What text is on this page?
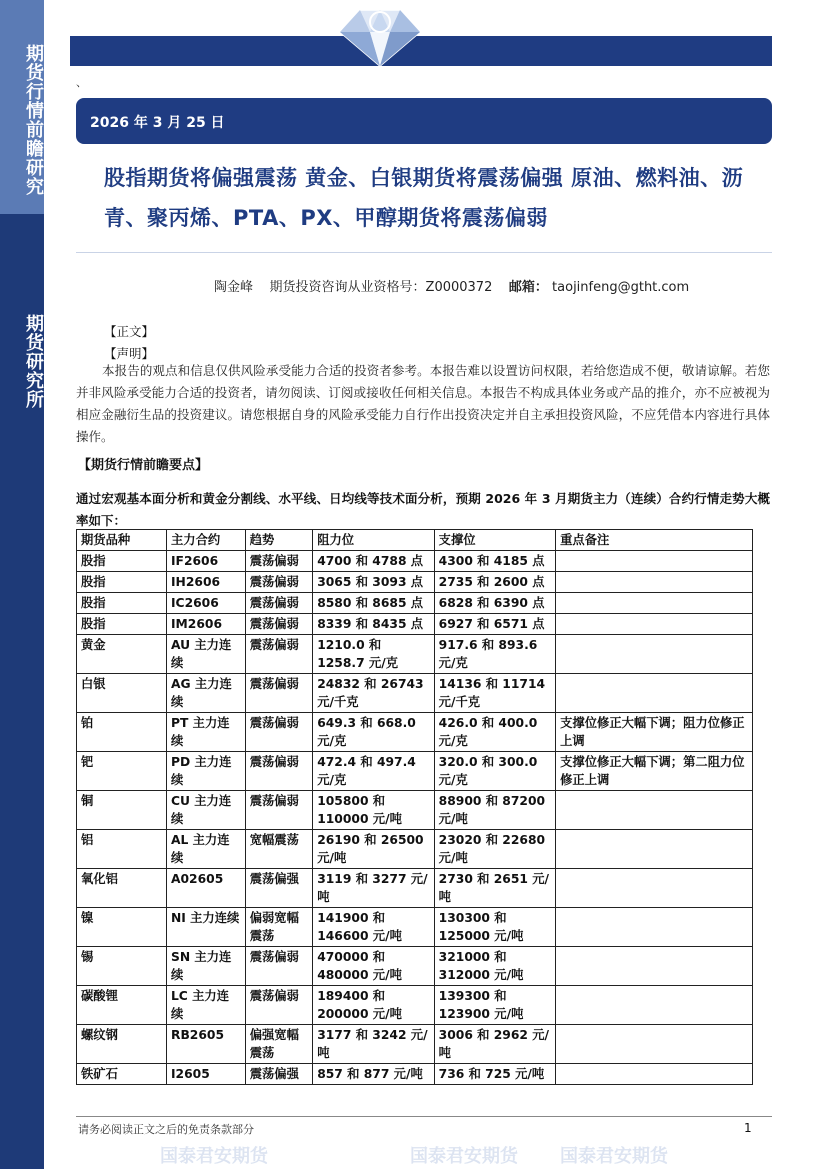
期货行情前瞻研究
期货研究所
、
2026 年 3 月 25 日
股指期货将偏强震荡 黄金、白银期货将震荡偏强 原油、燃料油、沥青、聚丙烯、PTA、PX、甲醇期货将震荡偏弱
陶金峰 期货投资咨询从业资格号：Z0000372 邮箱： taojinfeng@gtht.com
【正文】
【声明】
本报告的观点和信息仅供风险承受能力合适的投资者参考。本报告难以设置访问权限，若给您造成不便，敬请谅解。若您并非风险承受能力合适的投资者，请勿阅读、订阅或接收任何相关信息。本报告不构成具体业务或产品的推介，亦不应被视为相应金融衍生品的投资建议。请您根据自身的风险承受能力自行作出投资决定并自主承担投资风险，不应凭借本内容进行具体操作。
【期货行情前瞻要点】
通过宏观基本面分析和黄金分割线、水平线、日均线等技术面分析，预期 2026 年 3 月期货主力（连续）合约行情走势大概率如下：
期货品种	主力合约	趋势	阻力位	支撑位	重点备注
股指	IF2606	震荡偏弱	4700 和 4788 点	4300 和 4185 点	
股指	IH2606	震荡偏弱	3065 和 3093 点	2735 和 2600 点	
股指	IC2606	震荡偏弱	8580 和 8685 点	6828 和 6390 点	
股指	IM2606	震荡偏弱	8339 和 8435 点	6927 和 6571 点	
黄金	AU 主力连续	震荡偏弱	1210.0 和 1258.7 元/克	917.6 和 893.6 元/克	
白银	AG 主力连续	震荡偏弱	24832 和 26743 元/千克	14136 和 11714 元/千克	
铂	PT 主力连续	震荡偏弱	649.3 和 668.0 元/克	426.0 和 400.0 元/克	支撑位修正大幅下调；阻力位修正上调
钯	PD 主力连续	震荡偏弱	472.4 和 497.4 元/克	320.0 和 300.0 元/克	支撑位修正大幅下调；第二阻力位修正上调
铜	CU 主力连续	震荡偏弱	105800 和 110000 元/吨	88900 和 87200 元/吨	
铝	AL 主力连续	宽幅震荡	26190 和 26500 元/吨	23020 和 22680 元/吨	
氧化铝	A02605	震荡偏强	3119 和 3277 元/吨	2730 和 2651 元/吨	
镍	NI 主力连续	偏弱宽幅震荡	141900 和 146600 元/吨	130300 和 125000 元/吨	
锡	SN 主力连续	震荡偏弱	470000 和 480000 元/吨	321000 和 312000 元/吨	
碳酸锂	LC 主力连续	震荡偏弱	189400 和 200000 元/吨	139300 和 123900 元/吨	
螺纹钢	RB2605	偏强宽幅震荡	3177 和 3242 元/吨	3006 和 2962 元/吨	
铁矿石	I2605	震荡偏强	857 和 877 元/吨	736 和 725 元/吨	
国泰君安期货	国泰君安期货 国泰君安期货
请务必阅读正文之后的免责条款部分	1
